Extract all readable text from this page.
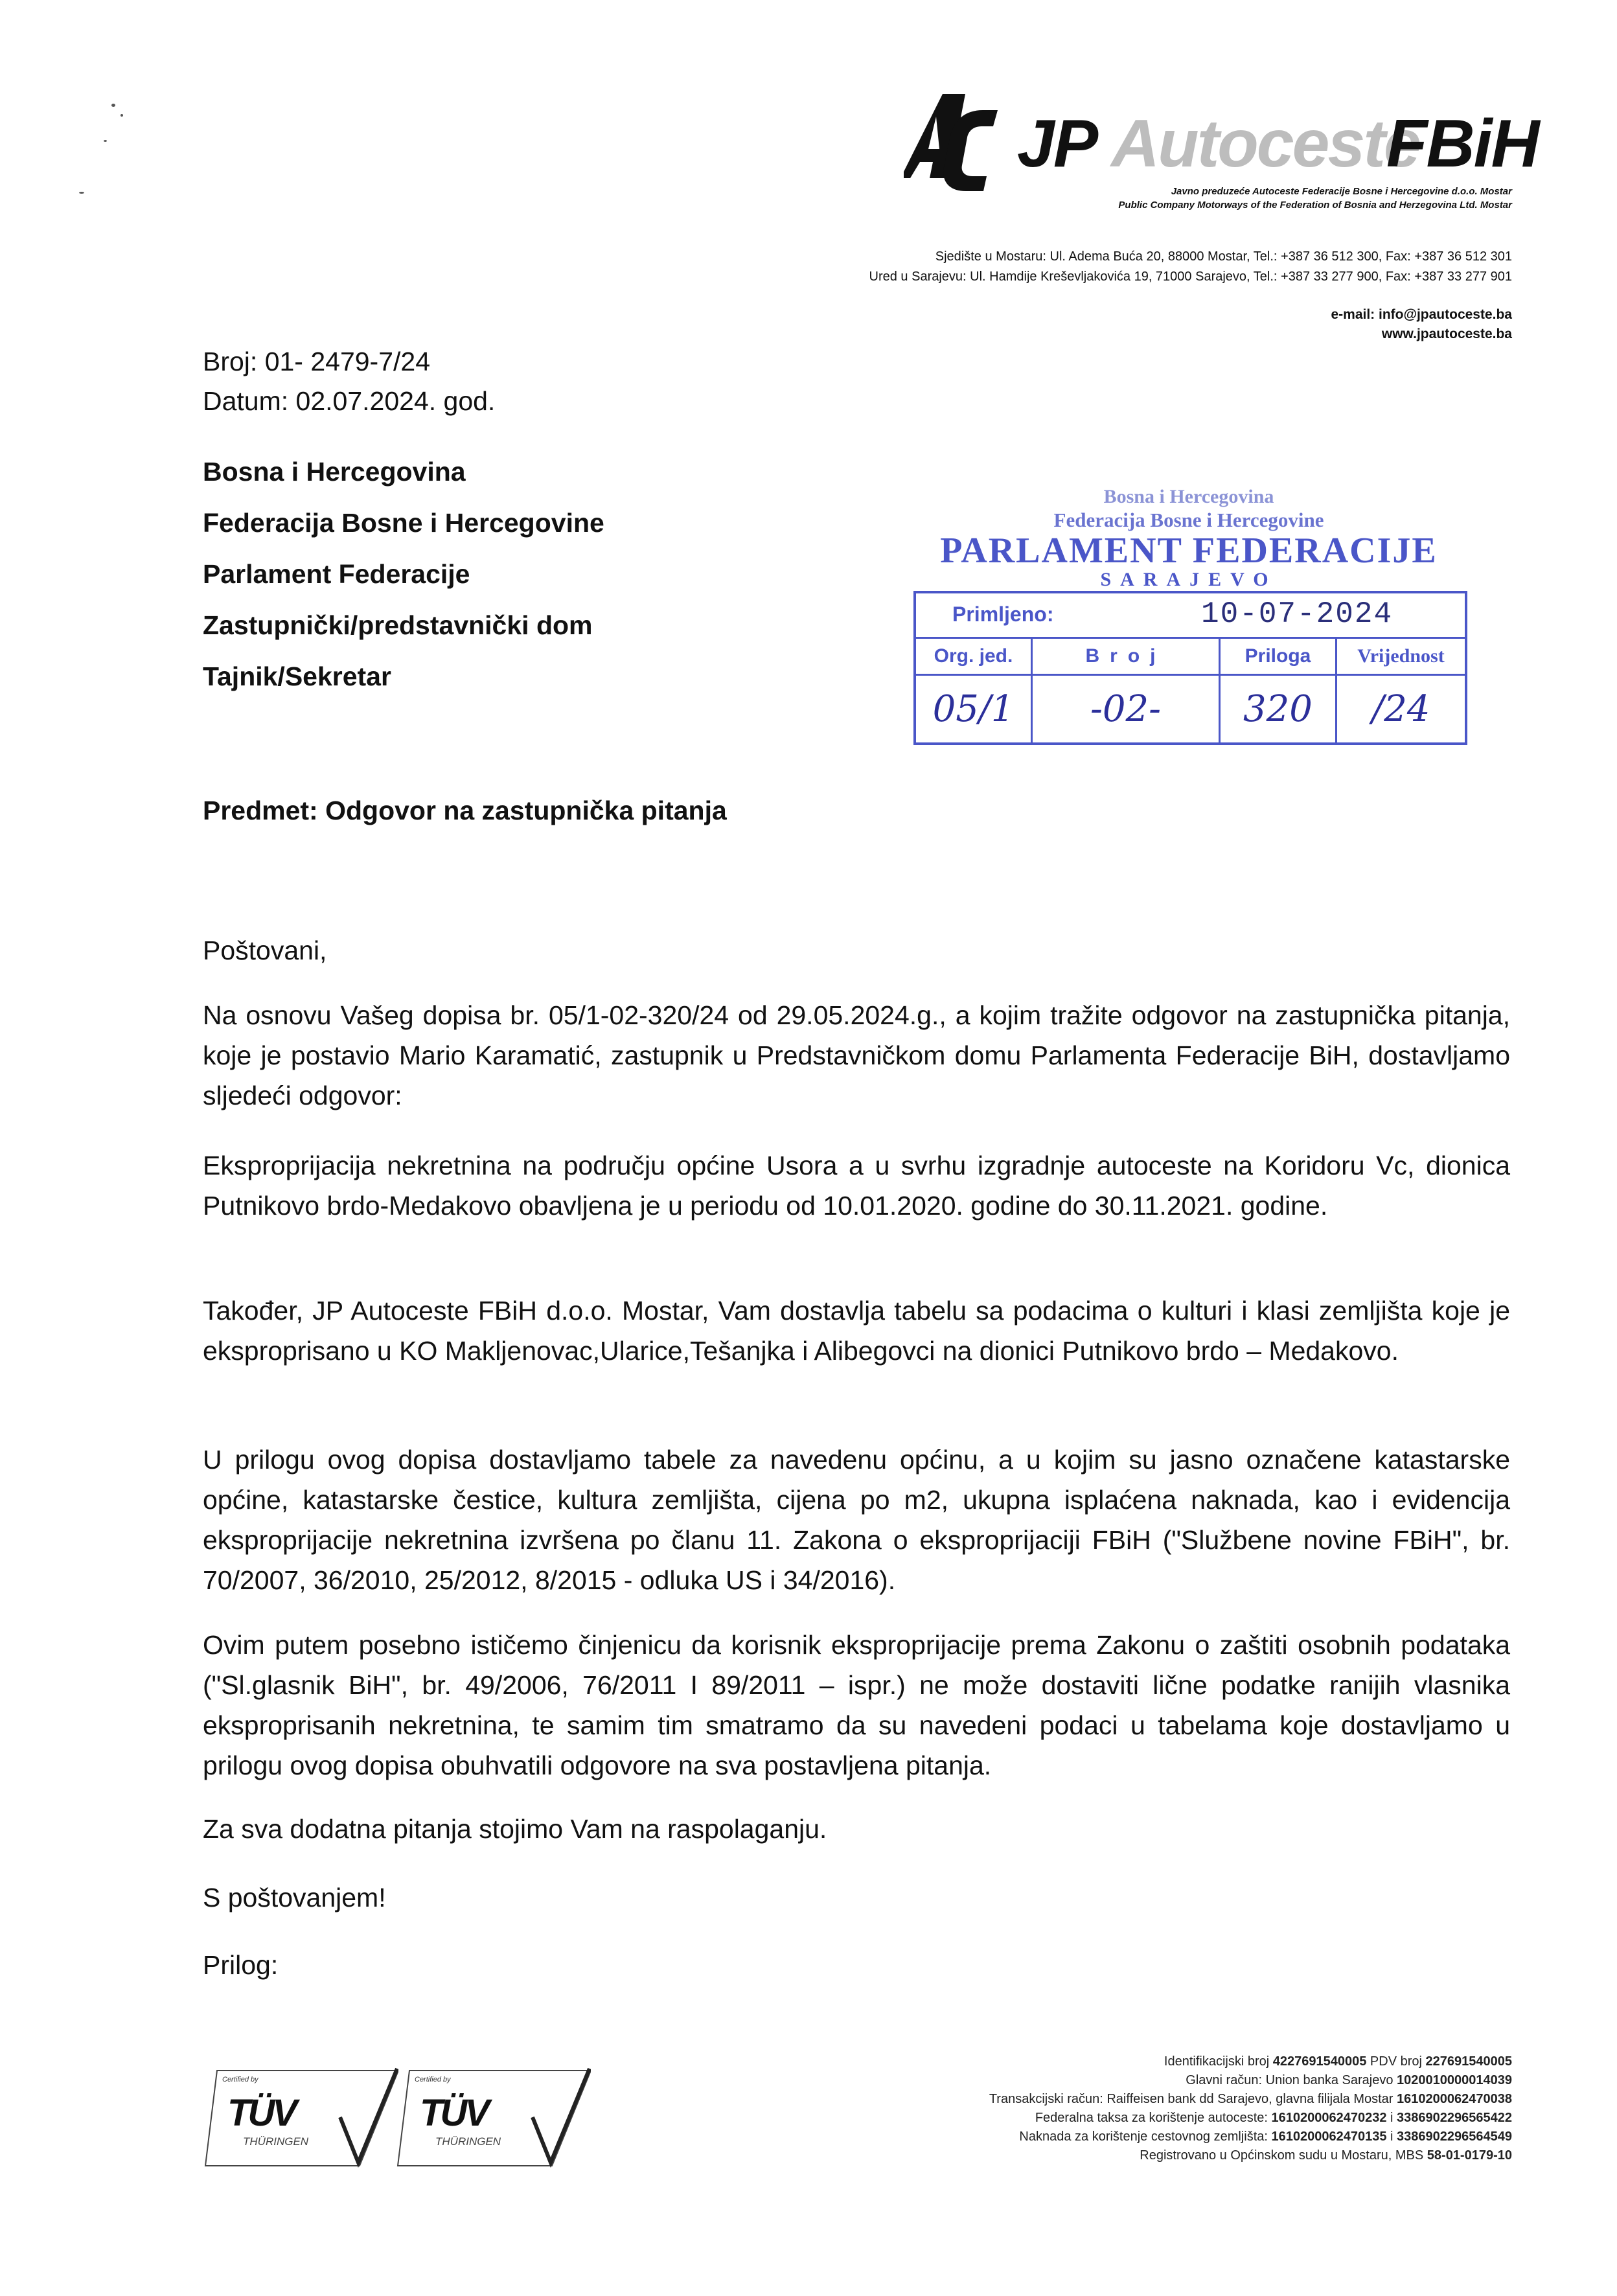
JP Autoceste
FBiH
Javno preduzeće Autoceste Federacije Bosne i Hercegovine d.o.o. Mostar
Public Company Motorways of the Federation of Bosnia and Herzegovina Ltd. Mostar
Sjedište u Mostaru: Ul. Adema Buća 20, 88000 Mostar, Tel.: +387 36 512 300, Fax: +387 36 512 301
Ured u Sarajevu: Ul. Hamdije Kreševljakovića 19, 71000 Sarajevo, Tel.: +387 33 277 900, Fax: +387 33 277 901
e-mail: info@jpautoceste.ba
www.jpautoceste.ba
Broj: 01- 2479-7/24
Datum: 02.07.2024. god.
Bosna i Hercegovina
Federacija Bosne i Hercegovine
Parlament Federacije
Zastupnički/predstavnički dom
Tajnik/Sekretar
Bosna i Hercegovina
Federacija Bosne i Hercegovine
PARLAMENT FEDERACIJE
SARAJEVO
Primljeno:	10-07-2024
Org. jed.	Broj	Priloga	Vrijednost
05/1	-02-	320	/24
Predmet: Odgovor na zastupnička pitanja
Poštovani,
Na osnovu Vašeg dopisa br. 05/1-02-320/24 od 29.05.2024.g., a kojim tražite odgovor na zastupnička pitanja, koje je postavio Mario Karamatić, zastupnik u Predstavničkom domu Parlamenta Federacije BiH, dostavljamo sljedeći odgovor:
Eksproprijacija nekretnina na području općine Usora a u svrhu izgradnje autoceste na Koridoru Vc, dionica Putnikovo brdo-Medakovo obavljena je u periodu od 10.01.2020. godine do 30.11.2021. godine.
Također, JP Autoceste FBiH d.o.o. Mostar, Vam dostavlja tabelu sa podacima o kulturi i klasi zemljišta koje je eksproprisano u KO Makljenovac,Ularice,Tešanjka i Alibegovci na dionici Putnikovo brdo – Medakovo.
U prilogu ovog dopisa dostavljamo tabele za navedenu općinu, a u kojim su jasno označene katastarske općine, katastarske čestice, kultura zemljišta, cijena po m2, ukupna isplaćena naknada, kao i evidencija eksproprijacije nekretnina izvršena po članu 11. Zakona o eksproprijaciji FBiH ("Službene novine FBiH", br. 70/2007, 36/2010, 25/2012, 8/2015 - odluka US i 34/2016).
Ovim putem posebno ističemo činjenicu da korisnik eksproprijacije prema Zakonu o zaštiti osobnih podataka ("Sl.glasnik BiH", br. 49/2006, 76/2011 I 89/2011 – ispr.) ne može dostaviti lične podatke ranijih vlasnika eksproprisanih nekretnina, te samim tim smatramo da su navedeni podaci u tabelama koje dostavljamo u prilogu ovog dopisa obuhvatili odgovore na sva postavljena pitanja.
Za sva dodatna pitanja stojimo Vam na raspolaganju.
S poštovanjem!
Prilog:
Certified by
TÜV
THÜRINGEN
Certified by
TÜV
THÜRINGEN
Identifikacijski broj 4227691540005 PDV broj 227691540005
Glavni račun: Union banka Sarajevo 1020010000014039
Transakcijski račun: Raiffeisen bank dd Sarajevo, glavna filijala Mostar 1610200062470038
Federalna taksa za korištenje autoceste: 1610200062470232 i 3386902296565422
Naknada za korištenje cestovnog zemljišta: 1610200062470135 i 3386902296564549
Registrovano u Općinskom sudu u Mostaru, MBS 58-01-0179-10
